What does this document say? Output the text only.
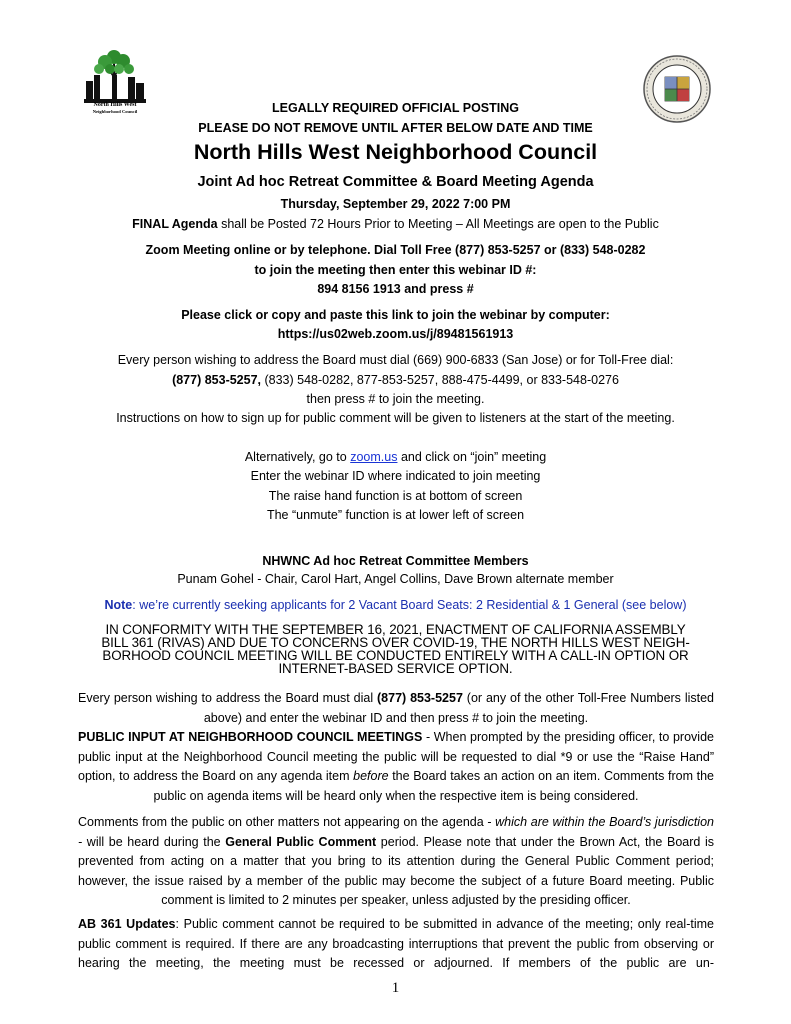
North Hills West
Neighborhood Council	LEGALLY REQUIRED OFFICIAL POSTING
PLEASE DO NOT REMOVE UNTIL AFTER BELOW DATE AND TIME
North Hills West Neighborhood Council
Joint Ad hoc Retreat Committee & Board Meeting Agenda
Thursday, September 29, 2022 7:00 PM
FINAL Agenda shall be Posted 72 Hours Prior to Meeting – All Meetings are open to the Public
Zoom Meeting online or by telephone. Dial Toll Free (877) 853-5257 or (833) 548-0282
to join the meeting then enter this webinar ID #:
894 8156 1913 and press #
Please click or copy and paste this link to join the webinar by computer:
https://us02web.zoom.us/j/89481561913
Every person wishing to address the Board must dial (669) 900-6833 (San Jose) or for Toll-Free dial:
(877) 853-5257, (833) 548-0282, 877-853-5257, 888-475-4499, or 833-548-0276
then press # to join the meeting.
Instructions on how to sign up for public comment will be given to listeners at the start of the meeting.
Alternatively, go to zoom.us and click on “join” meeting
Enter the webinar ID where indicated to join meeting
The raise hand function is at bottom of screen
The “unmute” function is at lower left of screen
NHWNC Ad hoc Retreat Committee Members
Punam Gohel - Chair, Carol Hart, Angel Collins, Dave Brown alternate member
Note: we’re currently seeking applicants for 2 Vacant Board Seats: 2 Residential & 1 General (see below)
IN CONFORMITY WITH THE SEPTEMBER 16, 2021, ENACTMENT OF CALIFORNIA ASSEMBLY
BILL 361 (RIVAS) AND DUE TO CONCERNS OVER COVID-19, THE NORTH HILLS WEST NEIGH-
BORHOOD COUNCIL MEETING WILL BE CONDUCTED ENTIRELY WITH A CALL-IN OPTION OR
INTERNET-BASED SERVICE OPTION.
Every person wishing to address the Board must dial (877) 853-5257 (or any of the other Toll-Free Numbers listed above) and enter the webinar ID and then press # to join the meeting.
PUBLIC INPUT AT NEIGHBORHOOD COUNCIL MEETINGS - When prompted by the presiding officer, to provide public input at the Neighborhood Council meeting the public will be requested to dial *9 or use the “Raise Hand” option, to address the Board on any agenda item before the Board takes an action on an item. Comments from the public on agenda items will be heard only when the respective item is being considered.
Comments from the public on other matters not appearing on the agenda - which are within the Board’s jurisdiction - will be heard during the General Public Comment period. Please note that under the Brown Act, the Board is prevented from acting on a matter that you bring to its attention during the General Public Comment period; however, the issue raised by a member of the public may become the subject of a future Board meeting. Public comment is limited to 2 minutes per speaker, unless adjusted by the presiding officer.
AB 361 Updates: Public comment cannot be required to be submitted in advance of the meeting; only real-time public comment is required. If there are any broadcasting interruptions that prevent the public from observing or hearing the meeting, the meeting must be recessed or adjourned. If members of the public are un-
1
